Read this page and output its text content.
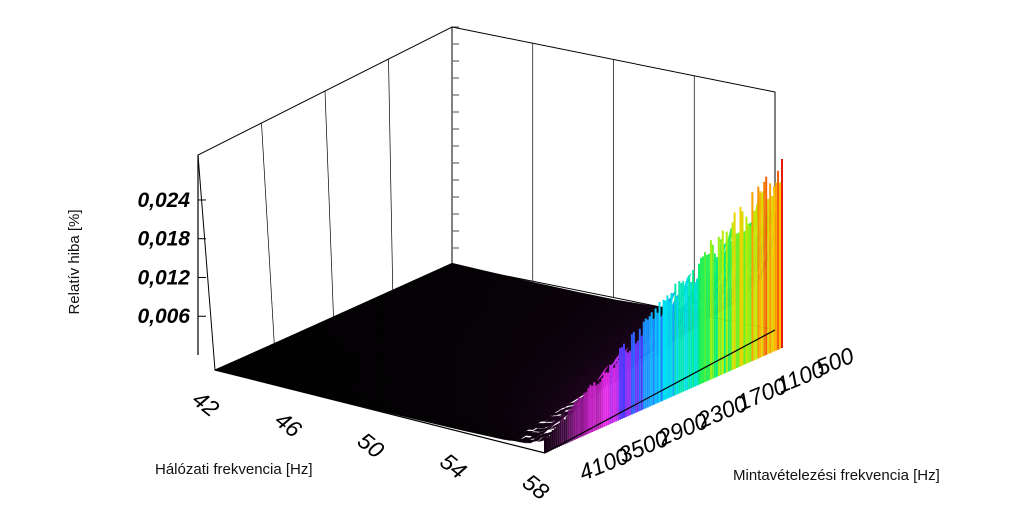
0,006
0,012
0,018
0,024
42
46
50
54
58
500
1100
1700
2300
2900
3500
4100
Relatív hiba [%]
Hálózati frekvencia [Hz]	Mintavételezési frekvencia [Hz]
